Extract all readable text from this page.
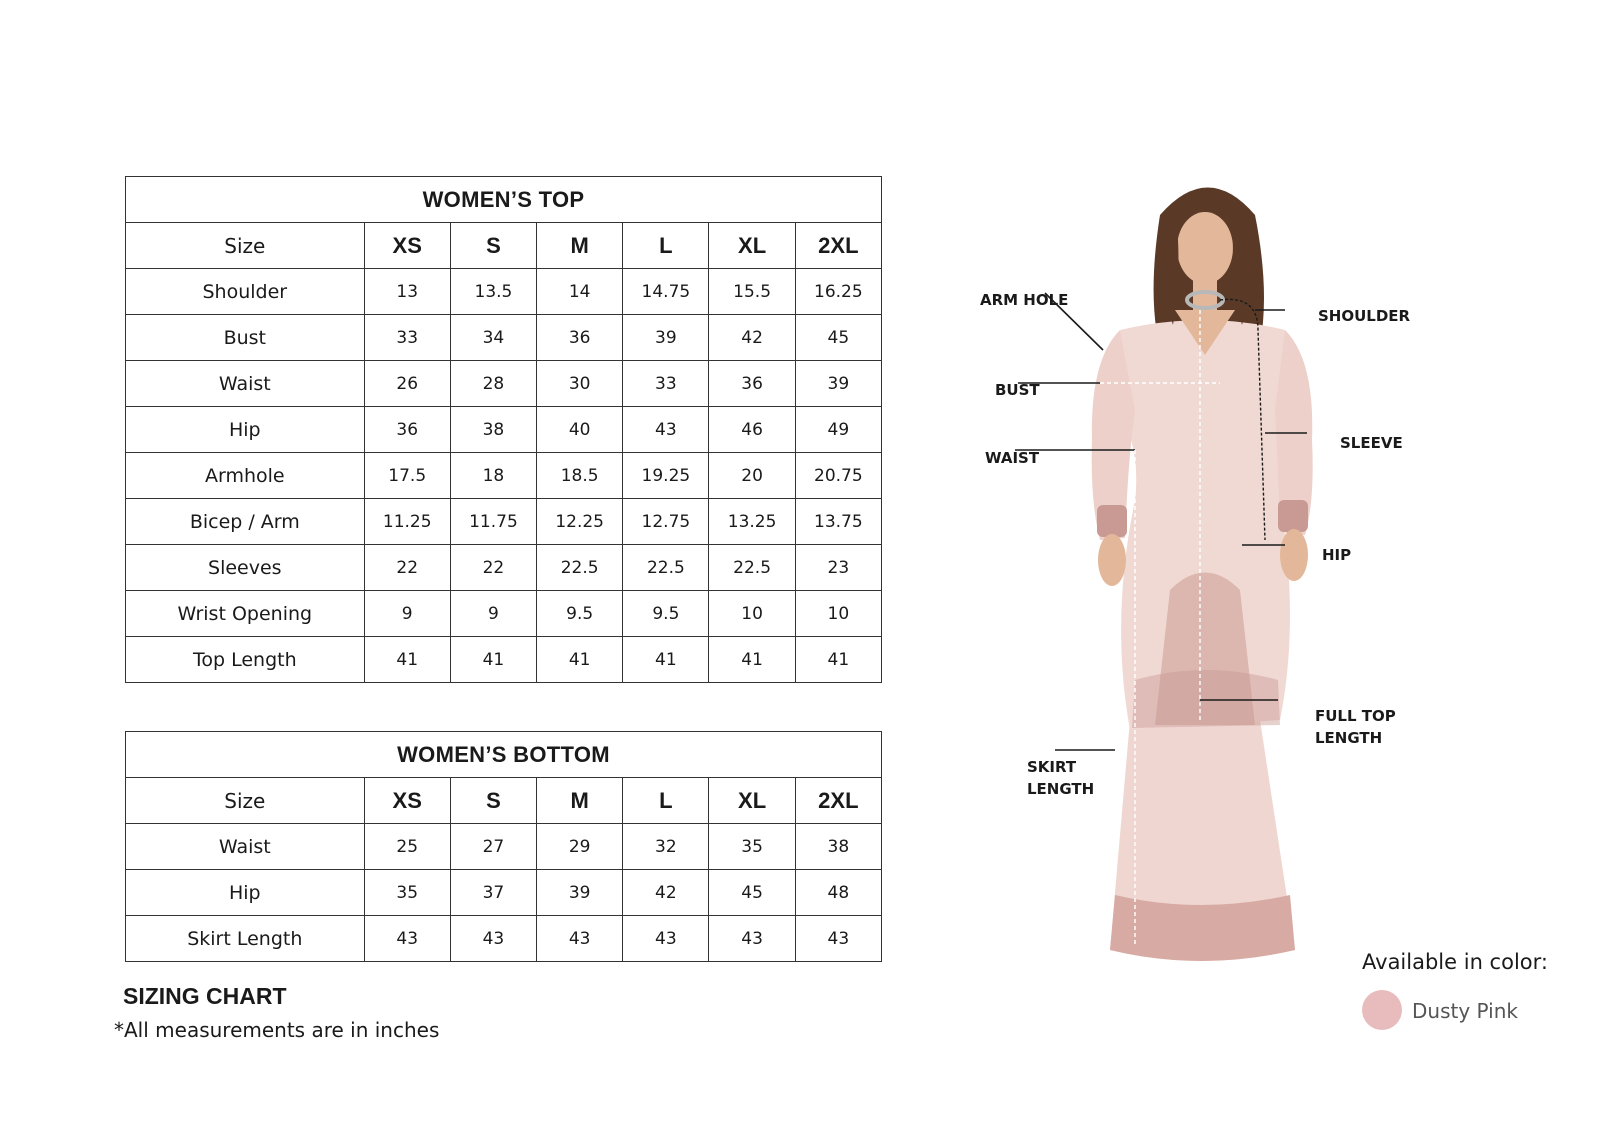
WOMEN’S TOP						
Size	XS	S	M	L	XL	2XL
Shoulder	13	13.5	14	14.75	15.5	16.25
Bust	33	34	36	39	42	45
Waist	26	28	30	33	36	39
Hip	36	38	40	43	46	49
Armhole	17.5	18	18.5	19.25	20	20.75
Bicep / Arm	11.25	11.75	12.25	12.75	13.25	13.75
Sleeves	22	22	22.5	22.5	22.5	23
Wrist Opening	9	9	9.5	9.5	10	10
Top Length	41	41	41	41	41	41
WOMEN’S BOTTOM						
Size	XS	S	M	L	XL	2XL
Waist	25	27	29	32	35	38
Hip	35	37	39	42	45	48
Skirt Length	43	43	43	43	43	43
SIZING CHART
*All measurements are in inches
ARM HOLE
BUST
WAIST
SHOULDER
SLEEVE
HIP
FULL TOP
LENGTH
SKIRT
LENGTH
Available in color:
Dusty Pink
